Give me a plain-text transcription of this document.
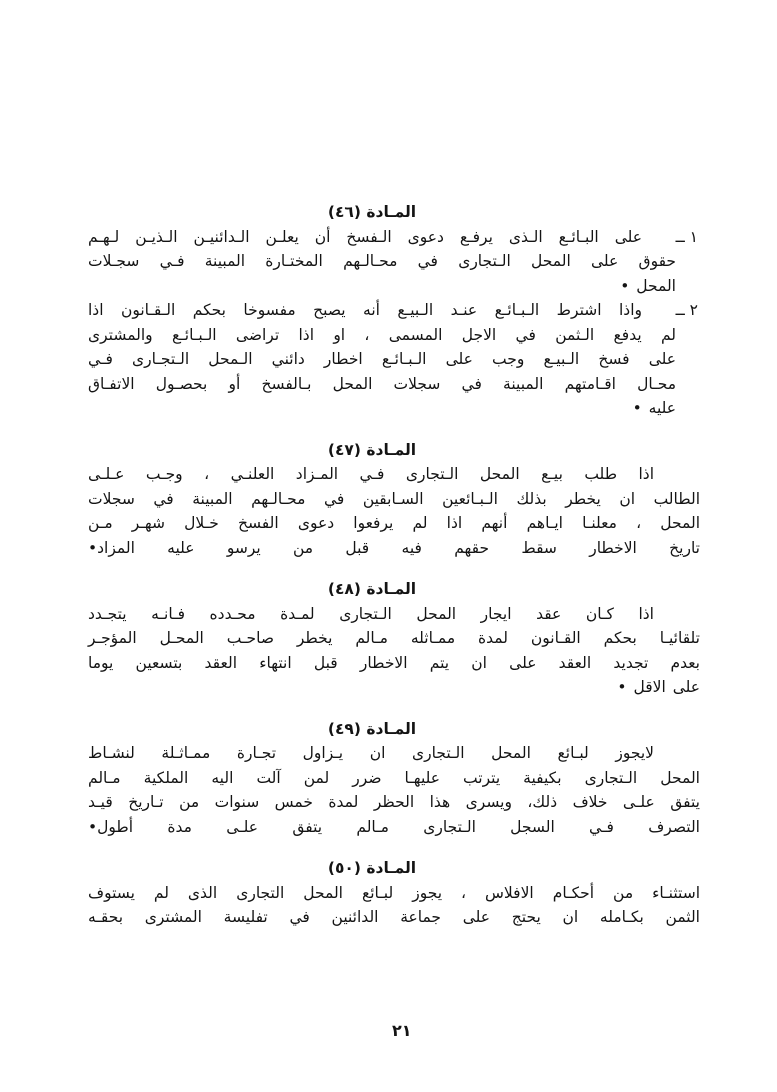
المـادة (٤٦)
١ ــ
على البـائـع الـذى يرفـع دعوى الـفسخ أن يعلـن الـدائنيـن الـذيـن لـهـم
حقوق على المحل الـتجارى في محـالـهم المختـارة المبينة فـي سجـلات
المحل •
٢ ــ
واذا اشترط الـبـائـع عنـد الـبيـع أنه يصبح مفسوخا بحكم الـقـانون اذا
لم يدفع الـثمن في الاجل المسمى ، او اذا تراضى الـبـائـع والمشترى
على فسخ الـبيـع وجب على الـبـائـع اخطار دائني الـمحل الـتجـارى فـي
محـال اقـامتهم المبينة في سجلات المحل بـالفسخ أو بحصـول الاتفـاق
عليه •
المـادة (٤٧)
اذا طلب بيـع المحل الـتجارى فـي المـزاد العلنـي ، وجـب عـلـى
الطالب ان يخطر بذلك الـبـائعين السـابقين في محـالـهم المبينة في سجلات
المحل ، معلنـا ايـاهم أنهم اذا لم يرفعوا دعوى الفسخ خـلال شهـر مـن
تاريخ الاخطار سقط حقهم فيه قبل من يرسو عليه المزاد•
المـادة (٤٨)
اذا كـان عقد ايجار المحل الـتجارى لمـدة محـدده فـانـه يتجـدد
تلقائيـا بحكم القـانون لمدة ممـاثله مـالم يخطر صاحـب المحـل المؤجـر
بعدم تجديد العقد على ان يتم الاخطار قبل انتهاء العقد بتسعين يوما
على الاقل •
المـادة (٤٩)
لايجوز لبـائع المحل الـتجارى ان يـزاول تجـارة ممـاثـلة لنشـاط
المحل الـتجارى بكيفية يترتب عليهـا ضرر لمن آلت اليه الملكية مـالم
يتفق علـى خلاف ذلك، ويسرى هذا الحظر لمدة خمس سنوات من تـاريخ قيـد
التصرف فـي السجل الـتجارى مـالم يتفق علـى مدة أطول•
المـادة (٥٠)
استثنـاء من أحكـام الافلاس ، يجوز لبـائع المحل التجارى الذى لم يستوف
الثمن بكـامله ان يحتج على جماعة الدائنين في تفليسة المشترى بحقـه
٢١
